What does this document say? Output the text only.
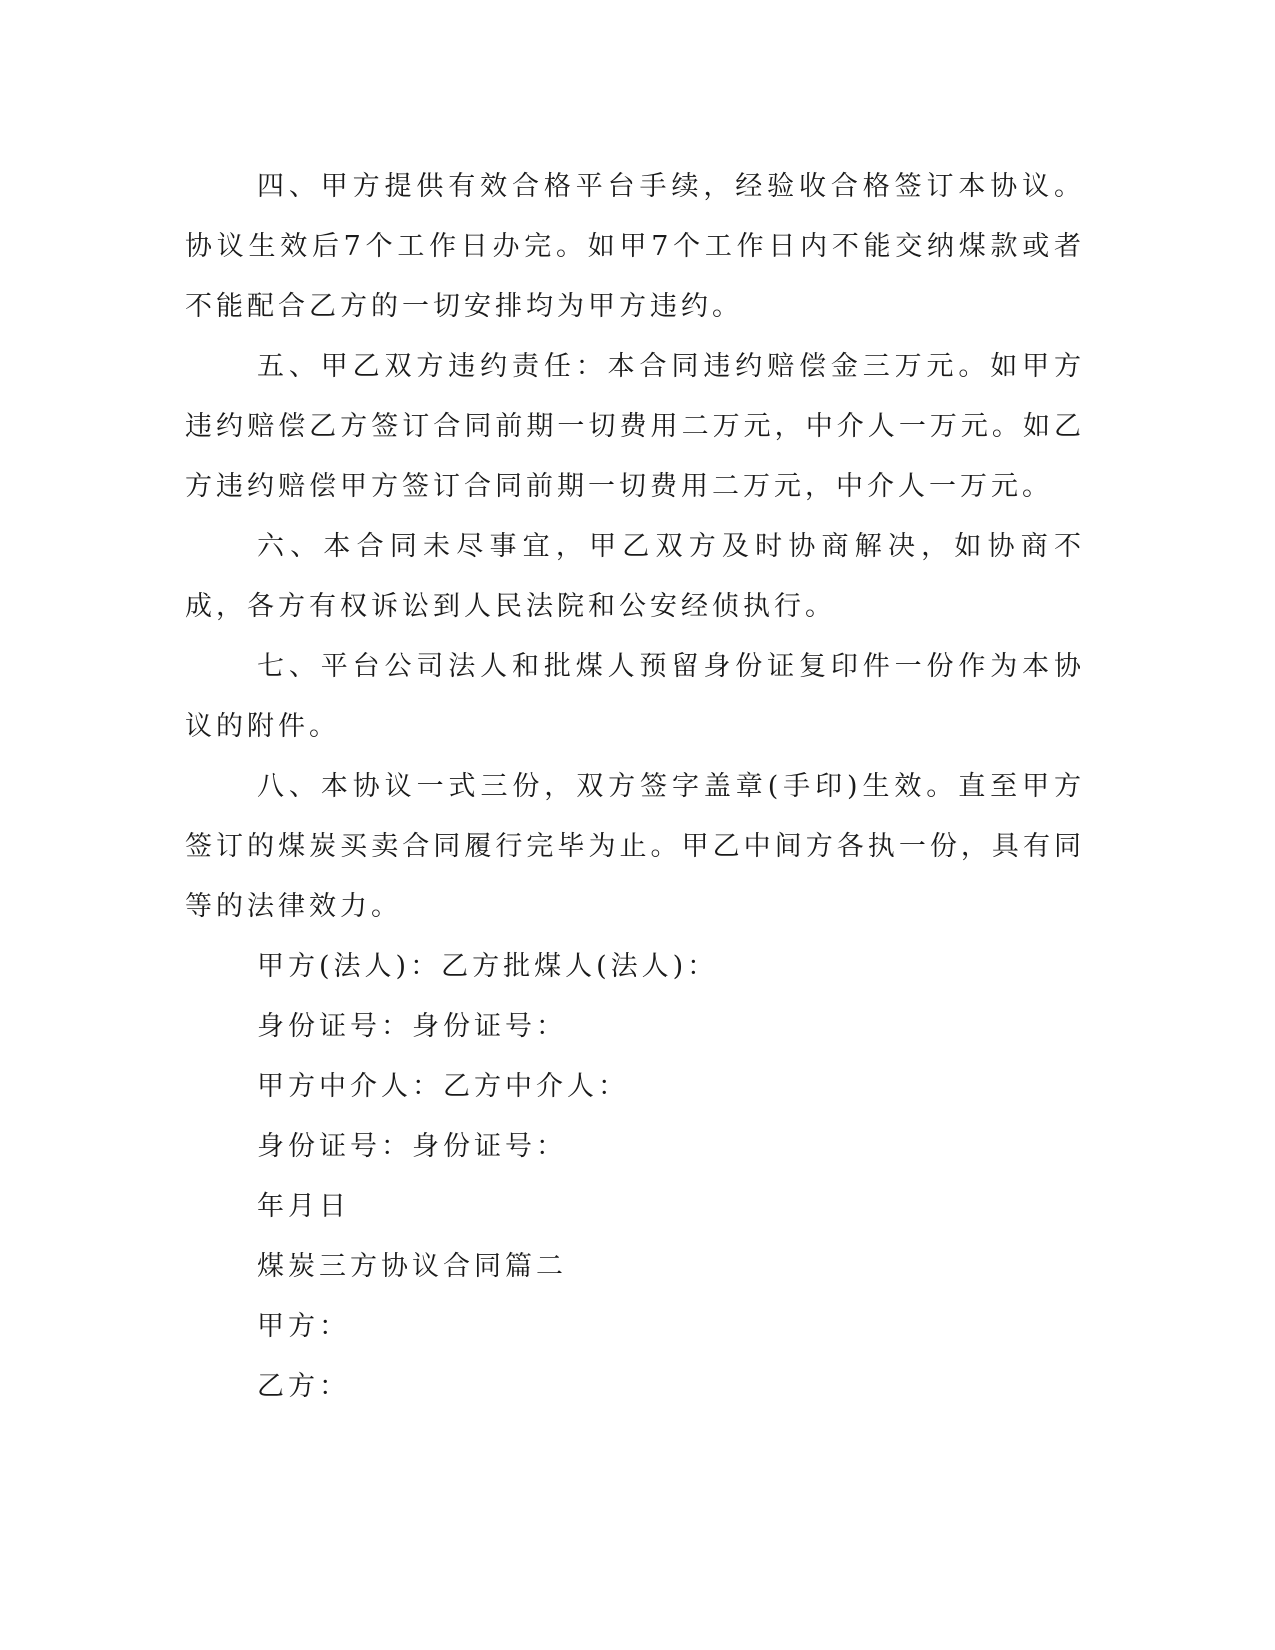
四、甲方提供有效合格平台手续，经验收合格签订本协议。协议生效后7个工作日办完。如甲7个工作日内不能交纳煤款或者不能配合乙方的一切安排均为甲方违约。

五、甲乙双方违约责任：本合同违约赔偿金三万元。如甲方违约赔偿乙方签订合同前期一切费用二万元，中介人一万元。如乙方违约赔偿甲方签订合同前期一切费用二万元，中介人一万元。

六、本合同未尽事宜，甲乙双方及时协商解决，如协商不成，各方有权诉讼到人民法院和公安经侦执行。

七、平台公司法人和批煤人预留身份证复印件一份作为本协议的附件。

八、本协议一式三份，双方签字盖章(手印)生效。直至甲方签订的煤炭买卖合同履行完毕为止。甲乙中间方各执一份，具有同等的法律效力。

甲方(法人)：乙方批煤人(法人)：

身份证号：身份证号：

甲方中介人：乙方中介人：

身份证号：身份证号：

年月日

煤炭三方协议合同篇二

甲方：

乙方：
